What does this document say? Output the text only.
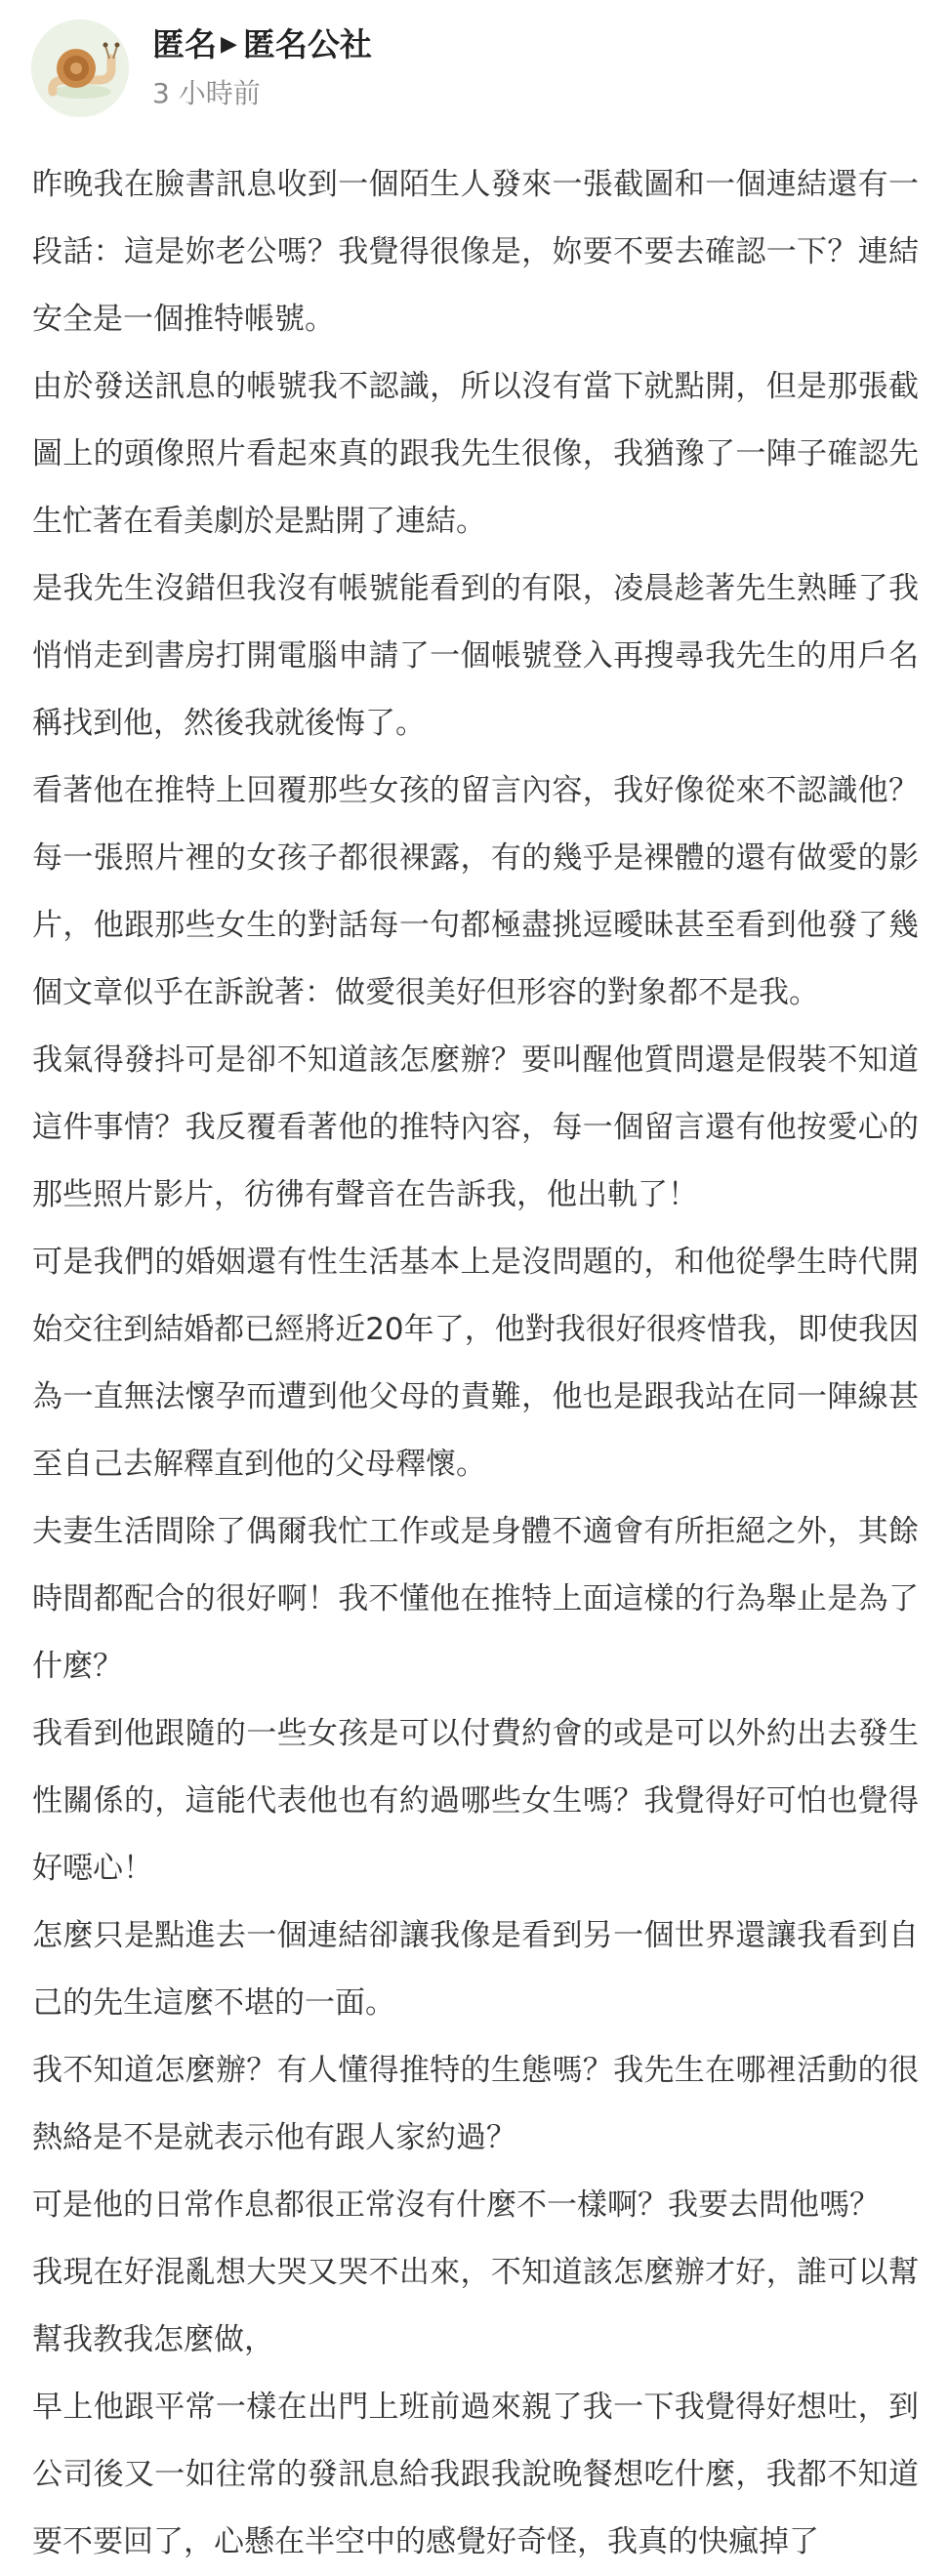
匿名 ▶ 匿名公社
3 小時前

昨晚我在臉書訊息收到一個陌生人發來一張截圖和一個連結還有一段話：這是妳老公嗎？我覺得很像是，妳要不要去確認一下？連結安全是一個推特帳號。

由於發送訊息的帳號我不認識，所以沒有當下就點開，但是那張截圖上的頭像照片看起來真的跟我先生很像，我猶豫了一陣子確認先生忙著在看美劇於是點開了連結。

是我先生沒錯但我沒有帳號能看到的有限，凌晨趁著先生熟睡了我悄悄走到書房打開電腦申請了一個帳號登入再搜尋我先生的用戶名稱找到他，然後我就後悔了。

看著他在推特上回覆那些女孩的留言內容，我好像從來不認識他？每一張照片裡的女孩子都很裸露，有的幾乎是裸體的還有做愛的影片，他跟那些女生的對話每一句都極盡挑逗曖昧甚至看到他發了幾個文章似乎在訴說著：做愛很美好但形容的對象都不是我。

我氣得發抖可是卻不知道該怎麼辦？要叫醒他質問還是假裝不知道這件事情？我反覆看著他的推特內容，每一個留言還有他按愛心的那些照片影片，彷彿有聲音在告訴我，他出軌了！

可是我們的婚姻還有性生活基本上是沒問題的，和他從學生時代開始交往到結婚都已經將近20年了，他對我很好很疼惜我，即使我因為一直無法懷孕而遭到他父母的責難，他也是跟我站在同一陣線甚至自己去解釋直到他的父母釋懷。

夫妻生活間除了偶爾我忙工作或是身體不適會有所拒絕之外，其餘時間都配合的很好啊！我不懂他在推特上面這樣的行為舉止是為了什麼？

我看到他跟隨的一些女孩是可以付費約會的或是可以外約出去發生性關係的，這能代表他也有約過哪些女生嗎？我覺得好可怕也覺得好噁心！

怎麼只是點進去一個連結卻讓我像是看到另一個世界還讓我看到自己的先生這麼不堪的一面。

我不知道怎麼辦？有人懂得推特的生態嗎？我先生在哪裡活動的很熱絡是不是就表示他有跟人家約過？

可是他的日常作息都很正常沒有什麼不一樣啊？我要去問他嗎？

我現在好混亂想大哭又哭不出來，不知道該怎麼辦才好，誰可以幫幫我教我怎麼做，

早上他跟平常一樣在出門上班前過來親了我一下我覺得好想吐，到公司後又一如往常的發訊息給我跟我說晚餐想吃什麼，我都不知道要不要回了，心懸在半空中的感覺好奇怪，我真的快瘋掉了
